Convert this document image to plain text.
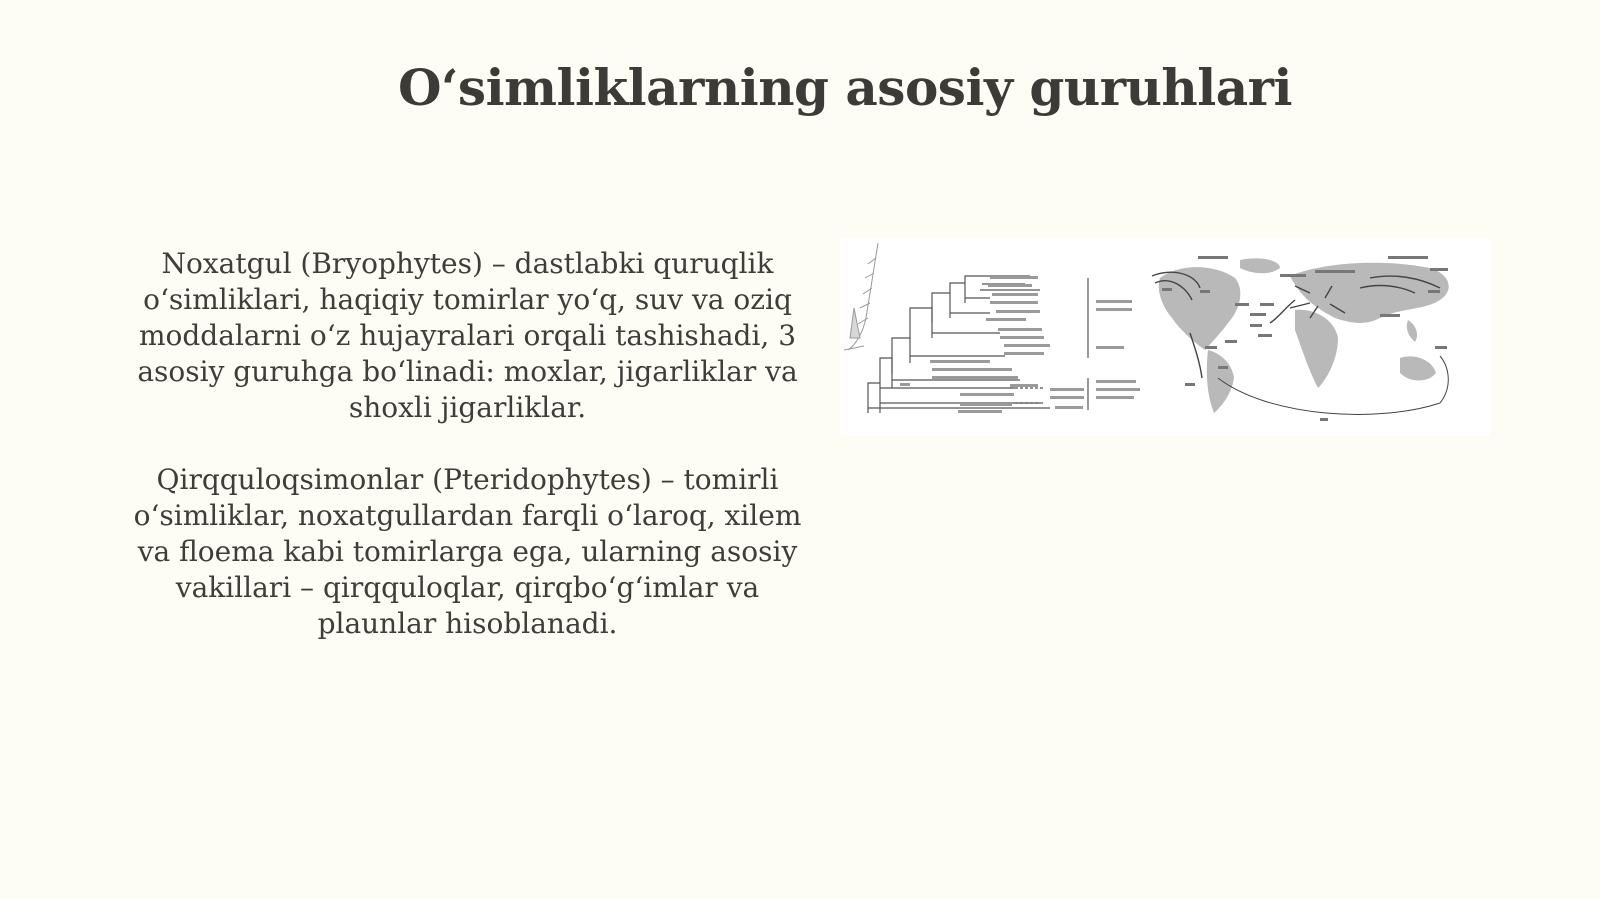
O‘simliklarning asosiy guruhlari
Noxatgul (Bryophytes) – dastlabki quruqlik o‘simliklari, haqiqiy tomirlar yo‘q, suv va oziq moddalarni o‘z hujayralari orqali tashishadi, 3 asosiy guruhga bo‘linadi: moxlar, jigarliklar va shoxli jigarliklar.
Qirqquloqsimonlar (Pteridophytes) – tomirli o‘simliklar, noxatgullardan farqli o‘laroq, xilem va floema kabi tomirlarga ega, ularning asosiy vakillari – qirqquloqlar, qirqbo‘g‘imlar va plaunlar hisoblanadi.
